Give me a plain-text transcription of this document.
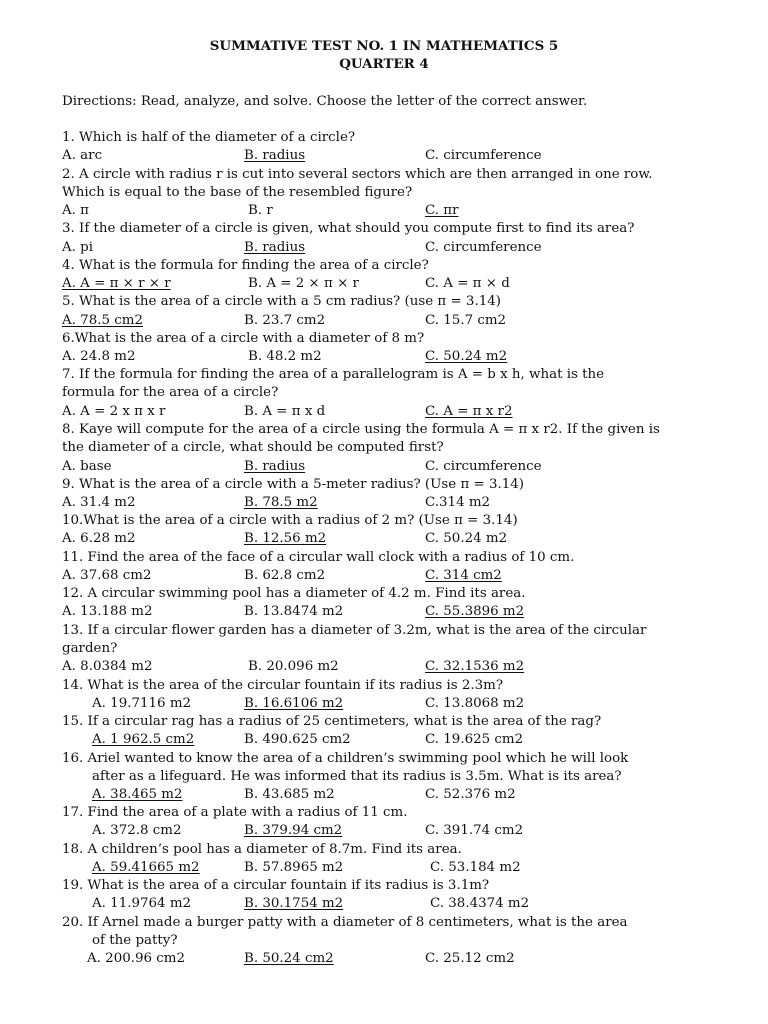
SUMMATIVE TEST NO. 1 IN MATHEMATICS 5
QUARTER 4
Directions: Read, analyze, and solve. Choose the letter of the correct answer.
1. Which is half of the diameter of a circle?
A. arc	B. radius	C. circumference
2. A circle with radius r is cut into several sectors which are then arranged in one row.
Which is equal to the base of the resembled figure?
A. π	B. r	C. πr
3. If the diameter of a circle is given, what should you compute first to find its area?
A. pi	B. radius	C. circumference
4. What is the formula for finding the area of a circle?
A. A = π × r × r	B. A = 2 × π × r	C. A = π × d
5. What is the area of a circle with a 5 cm radius? (use π = 3.14)
A. 78.5 cm2	B. 23.7 cm2	C. 15.7 cm2
6.What is the area of a circle with a diameter of 8 m?
A. 24.8 m2	B. 48.2 m2	C. 50.24 m2
7. If the formula for finding the area of a parallelogram is A = b x h, what is the
formula for the area of a circle?
A. A = 2 x π x r	B. A = π x d	C. A = π x r2
8. Kaye will compute for the area of a circle using the formula A = π x r2. If the given is
the diameter of a circle, what should be computed first?
A. base	B. radius	C. circumference
9. What is the area of a circle with a 5-meter radius? (Use π = 3.14)
A. 31.4 m2	B. 78.5 m2	C.314 m2
10.What is the area of a circle with a radius of 2 m? (Use π = 3.14)
A. 6.28 m2	B. 12.56 m2	C. 50.24 m2
11. Find the area of the face of a circular wall clock with a radius of 10 cm.
A. 37.68 cm2	B. 62.8 cm2	C. 314 cm2
12. A circular swimming pool has a diameter of 4.2 m. Find its area.
A. 13.188 m2	B. 13.8474 m2	C. 55.3896 m2
13. If a circular flower garden has a diameter of 3.2m, what is the area of the circular
garden?
A. 8.0384 m2	B. 20.096 m2	C. 32.1536 m2
14. What is the area of the circular fountain if its radius is 2.3m?
A. 19.7116 m2	B. 16.6106 m2	C. 13.8068 m2
15. If a circular rag has a radius of 25 centimeters, what is the area of the rag?
A. 1 962.5 cm2	B. 490.625 cm2	C. 19.625 cm2
16. Ariel wanted to know the area of a children’s swimming pool which he will look
after as a lifeguard. He was informed that its radius is 3.5m. What is its area?
A. 38.465 m2	B. 43.685 m2	C. 52.376 m2
17. Find the area of a plate with a radius of 11 cm.
A. 372.8 cm2	B. 379.94 cm2	C. 391.74 cm2
18. A children’s pool has a diameter of 8.7m. Find its area.
A. 59.41665 m2	B. 57.8965 m2	C. 53.184 m2
19. What is the area of a circular fountain if its radius is 3.1m?
A. 11.9764 m2	B. 30.1754 m2	C. 38.4374 m2
20. If Arnel made a burger patty with a diameter of 8 centimeters, what is the area
of the patty?
A. 200.96 cm2	B. 50.24 cm2	C. 25.12 cm2
